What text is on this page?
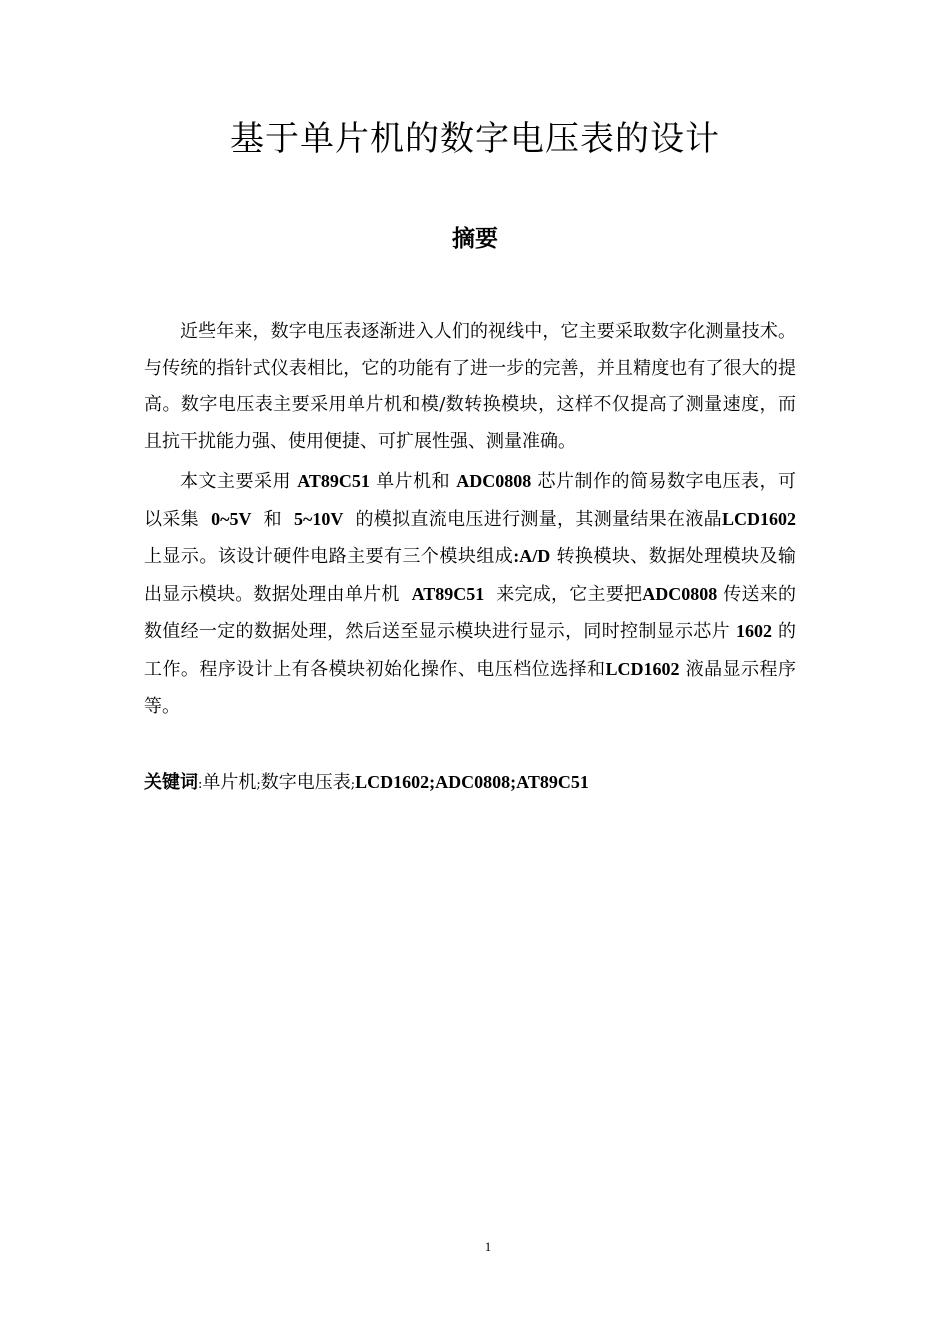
基于单片机的数字电压表的设计
摘要

近些年来，数字电压表逐渐进入人们的视线中，它主要采取数字化测量技术。与传统的指针式仪表相比，它的功能有了进一步的完善，并且精度也有了很大的提高。数字电压表主要采用单片机和模/数转换模块，这样不仅提高了测量速度，而且抗干扰能力强、使用便捷、可扩展性强、测量准确。

本文主要采用 AT89C51 单片机和 ADC0808 芯片制作的简易数字电压表，可以采集 0~5V 和 5~10V 的模拟直流电压进行测量，其测量结果在液晶LCD1602 上显示。该设计硬件电路主要有三个模块组成:A/D 转换模块、数据处理模块及输出显示模块。数据处理由单片机 AT89C51 来完成，它主要把ADC0808 传送来的数值经一定的数据处理，然后送至显示模块进行显示，同时控制显示芯片 1602 的工作。程序设计上有各模块初始化操作、电压档位选择和LCD1602 液晶显示程序等。

关键词:单片机;数字电压表;LCD1602;ADC0808;AT89C51

1
